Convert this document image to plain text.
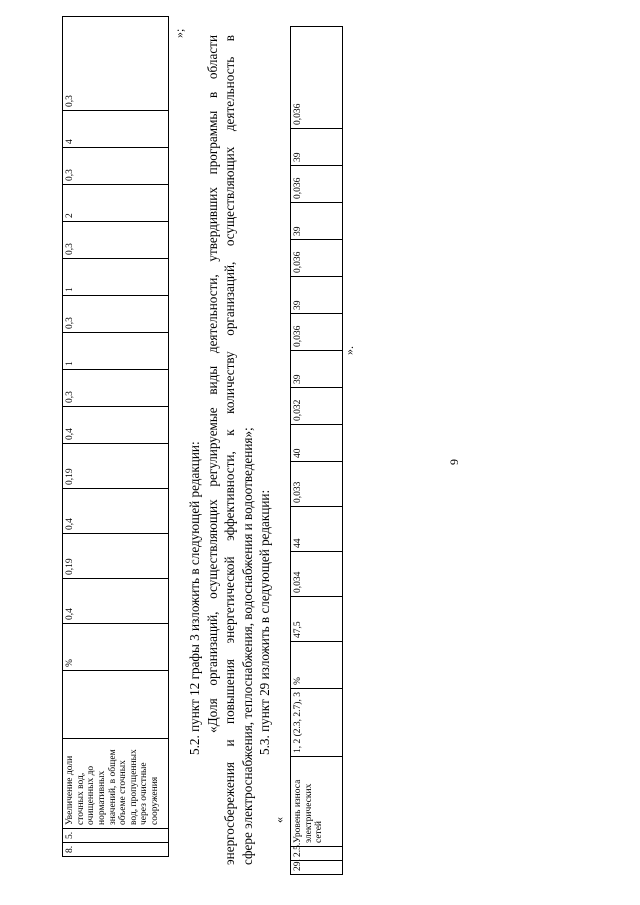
9
8.	5.	Увеличение доли сточных вод, очищенных до нормативных значений, в общем объеме сточных вод, пропущенных через очистные сооружения		%	0,4	0,19	0,4	0,19	0,4	0,3	1	0,3	1	0,3	2	0,3	4	0,3
»;
5.2. пункт 12 графы 3 изложить в следующей редакции: «Доля организаций, осуществляющих регулируемые виды деятельности, утвердивших программы в области энергосбережения и повышения энергетической эффективности, к количеству организаций, осуществляющих деятельность в сфере электроснабжения, теплоснабжения, водоснабжения и водоотведения»; 5.3. пункт 29 изложить в следующей редакции:
«
29.	2.5.	Уровень износа электрических сетей	1, 2 (2.3, 2.7), 3	%	47,5	0,034	44	0,033	40	0,032	39	0,036	39	0,036	39	0,036	39	0,036
».
